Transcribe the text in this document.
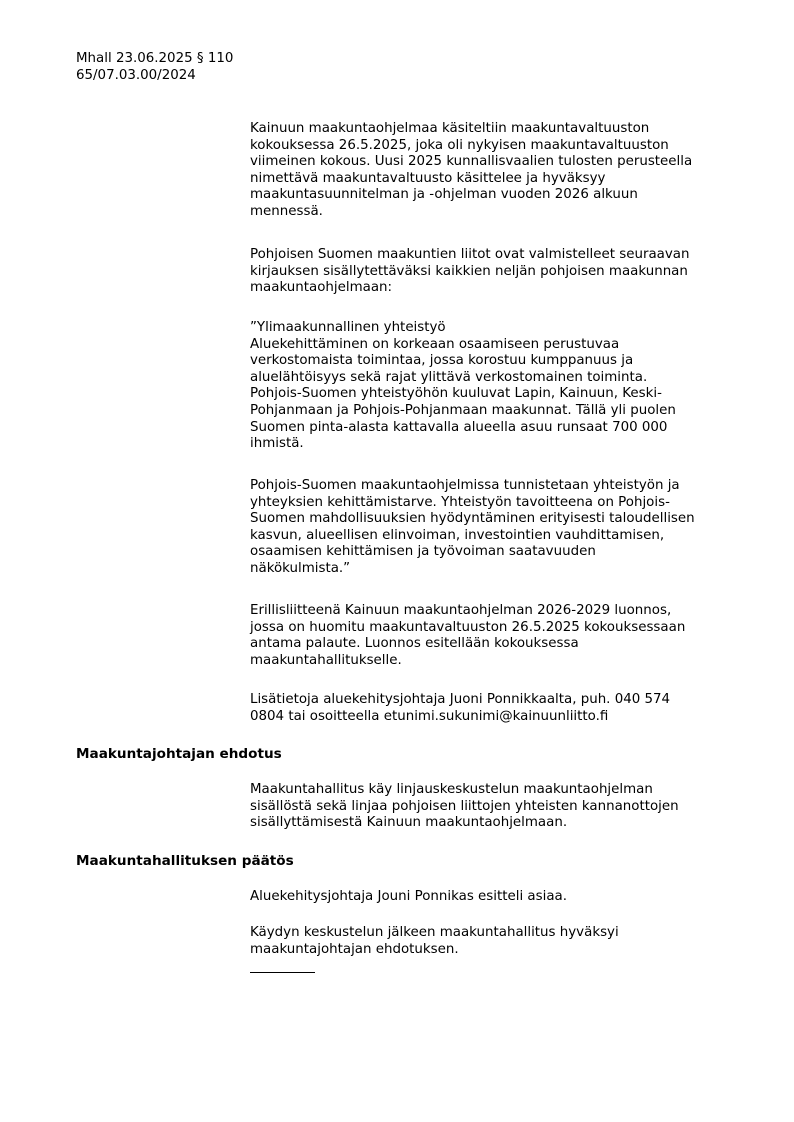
Mhall 23.06.2025 § 110
65/07.03.00/2024
Kainuun maakuntaohjelmaa käsiteltiin maakuntavaltuuston
kokouksessa 26.5.2025, joka oli nykyisen maakuntavaltuuston
viimeinen kokous. Uusi 2025 kunnallisvaalien tulosten perusteella
nimettävä maakuntavaltuusto käsittelee ja hyväksyy
maakuntasuunnitelman ja -ohjelman vuoden 2026 alkuun
mennessä.
Pohjoisen Suomen maakuntien liitot ovat valmistelleet seuraavan
kirjauksen sisällytettäväksi kaikkien neljän pohjoisen maakunnan
maakuntaohjelmaan:
”Ylimaakunnallinen yhteistyö
Aluekehittäminen on korkeaan osaamiseen perustuvaa
verkostomaista toimintaa, jossa korostuu kumppanuus ja
aluelähtöisyys sekä rajat ylittävä verkostomainen toiminta.
Pohjois-Suomen yhteistyöhön kuuluvat Lapin, Kainuun, Keski-
Pohjanmaan ja Pohjois-Pohjanmaan maakunnat. Tällä yli puolen
Suomen pinta-alasta kattavalla alueella asuu runsaat 700 000
ihmistä.
Pohjois-Suomen maakuntaohjelmissa tunnistetaan yhteistyön ja
yhteyksien kehittämistarve. Yhteistyön tavoitteena on Pohjois-
Suomen mahdollisuuksien hyödyntäminen erityisesti taloudellisen
kasvun, alueellisen elinvoiman, investointien vauhdittamisen,
osaamisen kehittämisen ja työvoiman saatavuuden
näkökulmista.”
Erillisliitteenä Kainuun maakuntaohjelman 2026-2029 luonnos,
jossa on huomitu maakuntavaltuuston 26.5.2025 kokouksessaan
antama palaute. Luonnos esitellään kokouksessa
maakuntahallitukselle.
Lisätietoja aluekehitysjohtaja Juoni Ponnikkaalta, puh. 040 574
0804 tai osoitteella etunimi.sukunimi@kainuunliitto.fi
Maakuntajohtajan ehdotus
Maakuntahallitus käy linjauskeskustelun maakuntaohjelman
sisällöstä sekä linjaa pohjoisen liittojen yhteisten kannanottojen
sisällyttämisestä Kainuun maakuntaohjelmaan.
Maakuntahallituksen päätös
Aluekehitysjohtaja Jouni Ponnikas esitteli asiaa.
Käydyn keskustelun jälkeen maakuntahallitus hyväksyi
maakuntajohtajan ehdotuksen.
